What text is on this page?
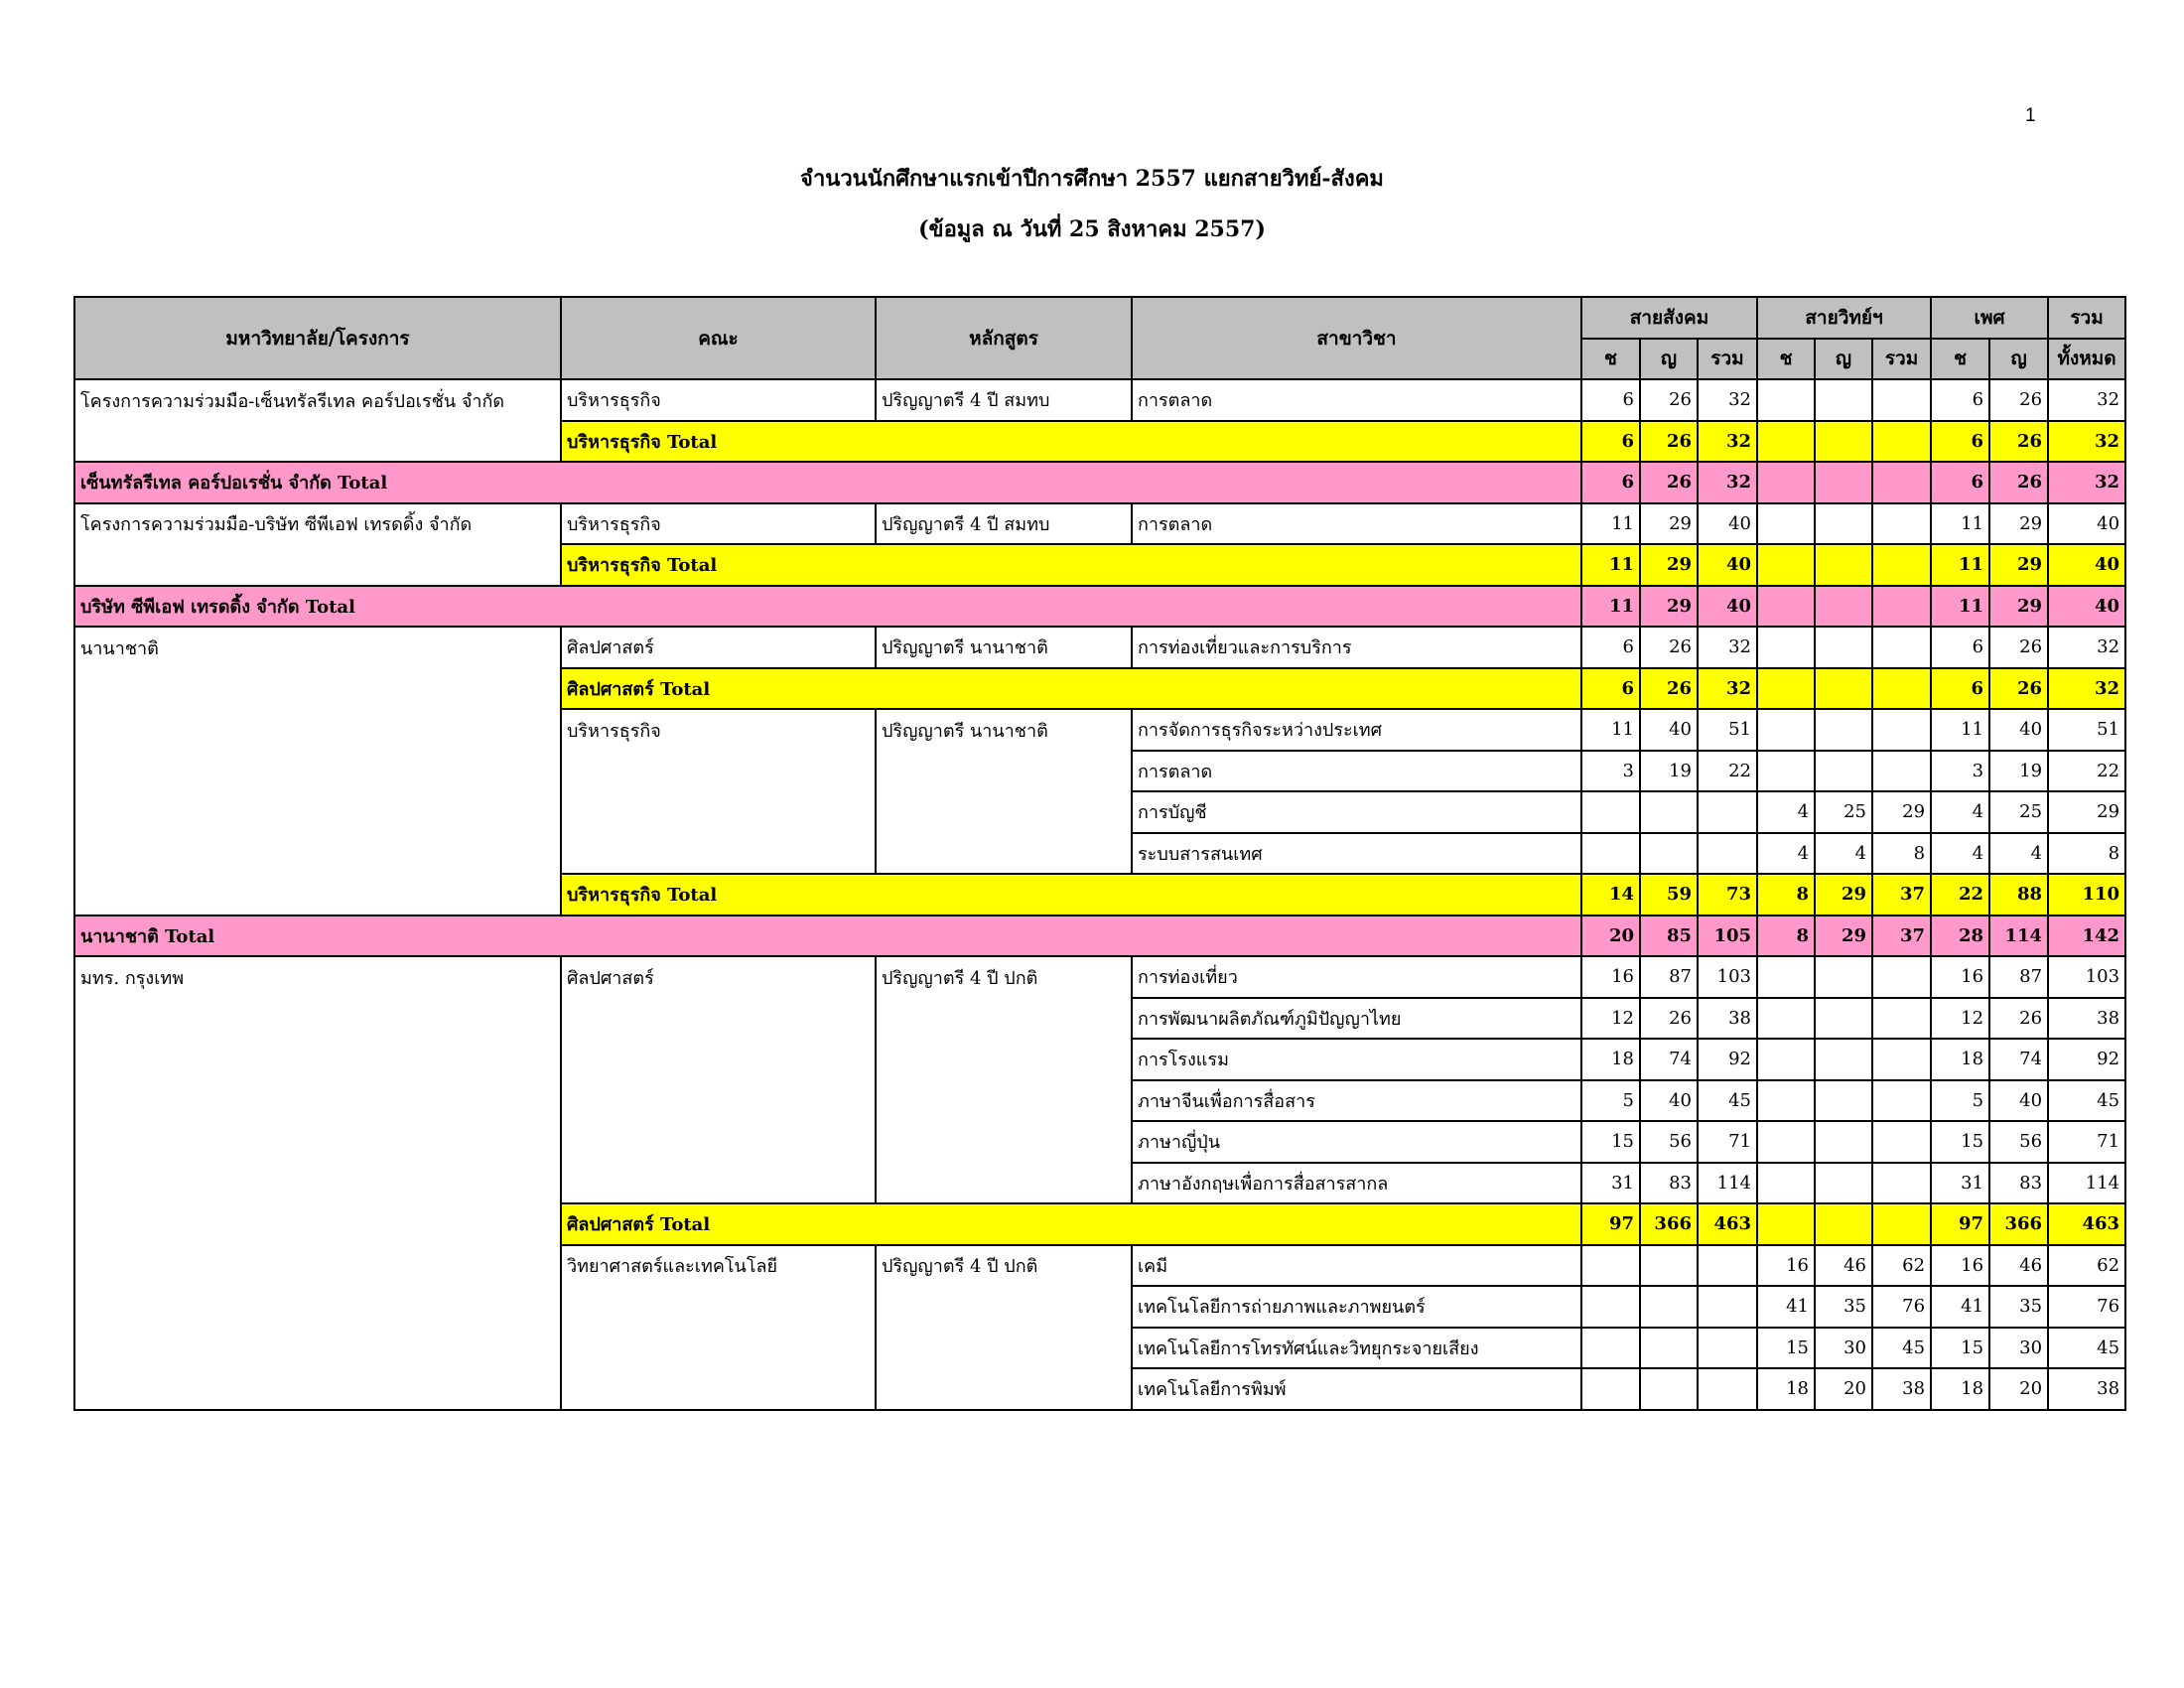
1
จำนวนนักศึกษาแรกเข้าปีการศึกษา 2557 แยกสายวิทย์-สังคม
(ข้อมูล ณ วันที่ 25 สิงหาคม 2557)
มหาวิทยาลัย/โครงการ	คณะ	หลักสูตร	สาขาวิชา	สายสังคม			สายวิทย์ฯ			เพศ		รวม
				ช	ญ	รวม	ช	ญ	รวม	ช	ญ	ทั้งหมด
โครงการความร่วมมือ-เซ็นทรัลรีเทล คอร์ปอเรชั่น จำกัด	บริหารธุรกิจ	ปริญญาตรี 4 ปี สมทบ	การตลาด	6	26	32				6	26	32
	บริหารธุรกิจ Total			6	26	32				6	26	32
เซ็นทรัลรีเทล คอร์ปอเรชั่น จำกัด Total				6	26	32				6	26	32
โครงการความร่วมมือ-บริษัท ซีพีเอฟ เทรดดิ้ง จำกัด	บริหารธุรกิจ	ปริญญาตรี 4 ปี สมทบ	การตลาด	11	29	40				11	29	40
	บริหารธุรกิจ Total			11	29	40				11	29	40
บริษัท ซีพีเอฟ เทรดดิ้ง จำกัด Total				11	29	40				11	29	40
นานาชาติ	ศิลปศาสตร์	ปริญญาตรี นานาชาติ	การท่องเที่ยวและการบริการ	6	26	32				6	26	32
	ศิลปศาสตร์ Total			6	26	32				6	26	32
	บริหารธุรกิจ	ปริญญาตรี นานาชาติ	การจัดการธุรกิจระหว่างประเทศ	11	40	51				11	40	51
			การตลาด	3	19	22				3	19	22
			การบัญชี				4	25	29	4	25	29
			ระบบสารสนเทศ				4	4	8	4	4	8
	บริหารธุรกิจ Total			14	59	73	8	29	37	22	88	110
นานาชาติ Total				20	85	105	8	29	37	28	114	142
มทร. กรุงเทพ	ศิลปศาสตร์	ปริญญาตรี 4 ปี ปกติ	การท่องเที่ยว	16	87	103				16	87	103
			การพัฒนาผลิตภัณฑ์ภูมิปัญญาไทย	12	26	38				12	26	38
			การโรงแรม	18	74	92				18	74	92
			ภาษาจีนเพื่อการสื่อสาร	5	40	45				5	40	45
			ภาษาญี่ปุ่น	15	56	71				15	56	71
			ภาษาอังกฤษเพื่อการสื่อสารสากล	31	83	114				31	83	114
	ศิลปศาสตร์ Total			97	366	463				97	366	463
	วิทยาศาสตร์และเทคโนโลยี	ปริญญาตรี 4 ปี ปกติ	เคมี				16	46	62	16	46	62
			เทคโนโลยีการถ่ายภาพและภาพยนตร์				41	35	76	41	35	76
			เทคโนโลยีการโทรทัศน์และวิทยุกระจายเสียง				15	30	45	15	30	45
			เทคโนโลยีการพิมพ์				18	20	38	18	20	38
